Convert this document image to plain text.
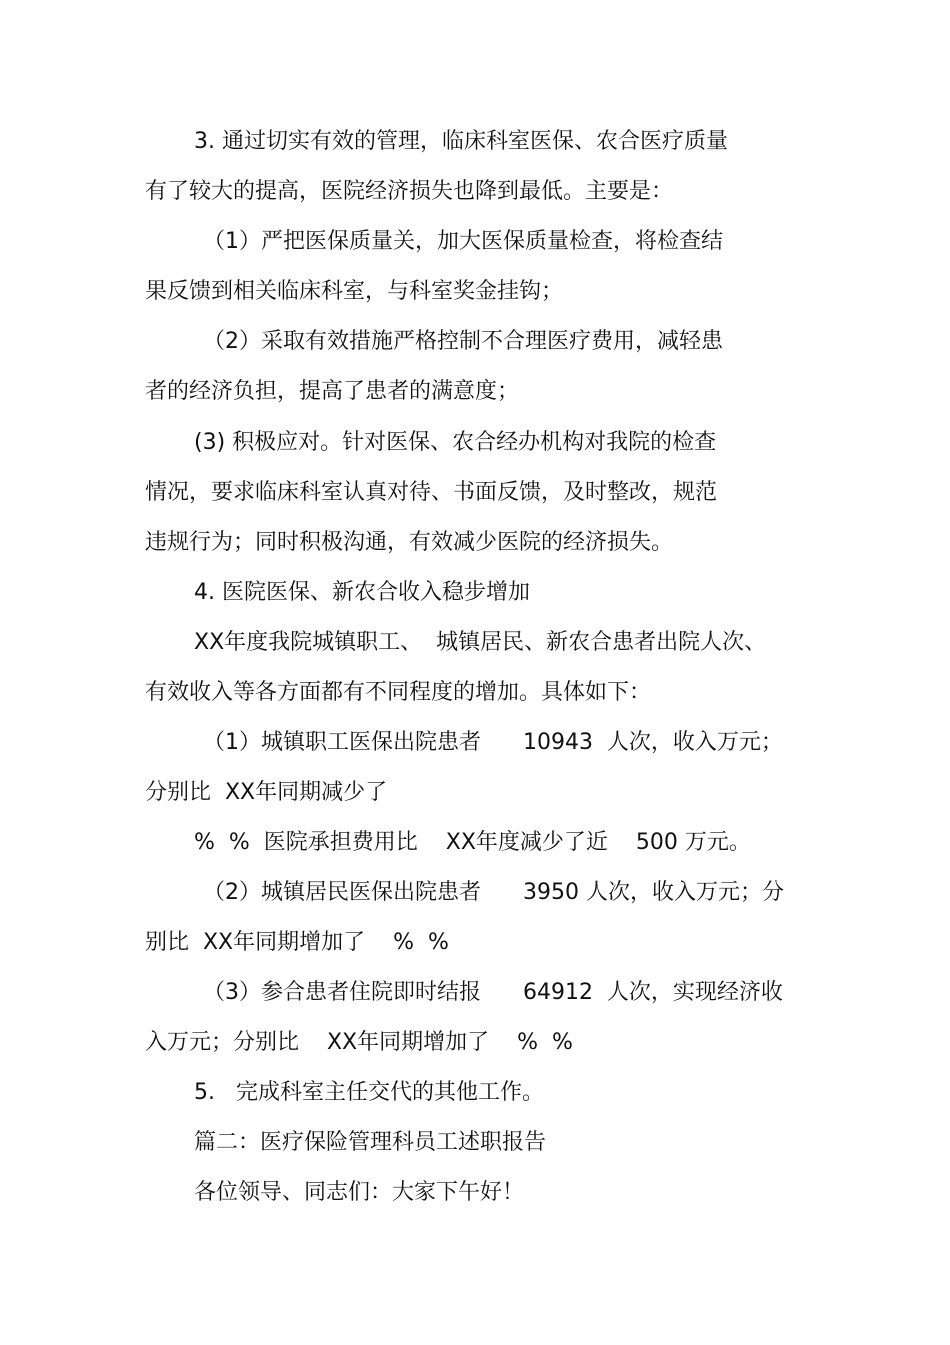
3. 通过切实有效的管理，临床科室医保、农合医疗质量
有了较大的提高，医院经济损失也降到最低。主要是：
（1）严把医保质量关，加大医保质量检查，将检查结
果反馈到相关临床科室，与科室奖金挂钩；
（2）采取有效措施严格控制不合理医疗费用，减轻患
者的经济负担，提高了患者的满意度；
(3) 积极应对。针对医保、农合经办机构对我院的检查
情况，要求临床科室认真对待、书面反馈，及时整改，规范
违规行为；同时积极沟通，有效减少医院的经济损失。
4. 医院医保、新农合收入稳步增加
XX年度我院城镇职工、  城镇居民、新农合患者出院人次、
有效收入等各方面都有不同程度的增加。具体如下：
（1）城镇职工医保出院患者      10943  人次，收入万元；
分别比  XX年同期减少了
%  %  医院承担费用比    XX年度减少了近    500 万元。
（2）城镇居民医保出院患者      3950 人次，收入万元；分
别比  XX年同期增加了    %  %
（3）参合患者住院即时结报      64912  人次，实现经济收
入万元；分别比    XX年同期增加了    %  %
5.   完成科室主任交代的其他工作。
篇二：医疗保险管理科员工述职报告
各位领导、同志们：大家下午好！
